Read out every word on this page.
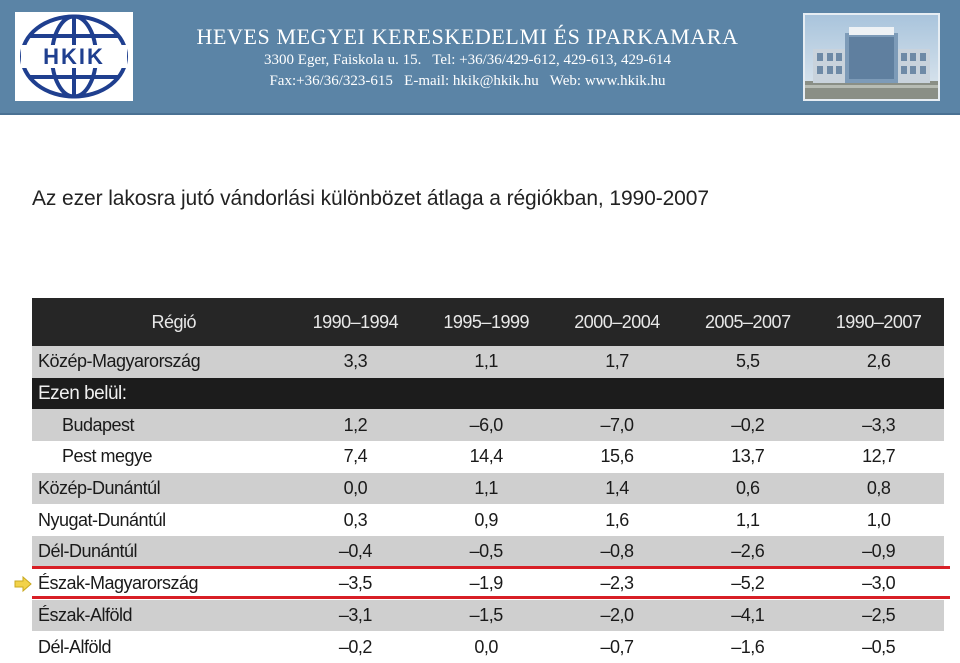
HKIK
HEVES MEGYEI KERESKEDELMI ÉS IPARKAMARA
3300 Eger, Faiskola u. 15.   Tel: +36/36/429-612, 429-613, 429-614
Fax:+36/36/323-615   E-mail: hkik@hkik.hu   Web: www.hkik.hu
Az ezer lakosra jutó vándorlási különbözet átlaga a régiókban, 1990-2007
Régió	1990–1994	1995–1999	2000–2004	2005–2007	1990–2007
Közép-Magyarország	3,3	1,1	1,7	5,5	2,6
Ezen belül:					
Budapest	1,2	–6,0	–7,0	–0,2	–3,3
Pest megye	7,4	14,4	15,6	13,7	12,7
Közép-Dunántúl	0,0	1,1	1,4	0,6	0,8
Nyugat-Dunántúl	0,3	0,9	1,6	1,1	1,0
Dél-Dunántúl	–0,4	–0,5	–0,8	–2,6	–0,9
Észak-Magyarország	–3,5	–1,9	–2,3	–5,2	–3,0
Észak-Alföld	–3,1	–1,5	–2,0	–4,1	–2,5
Dél-Alföld	–0,2	0,0	–0,7	–1,6	–0,5
